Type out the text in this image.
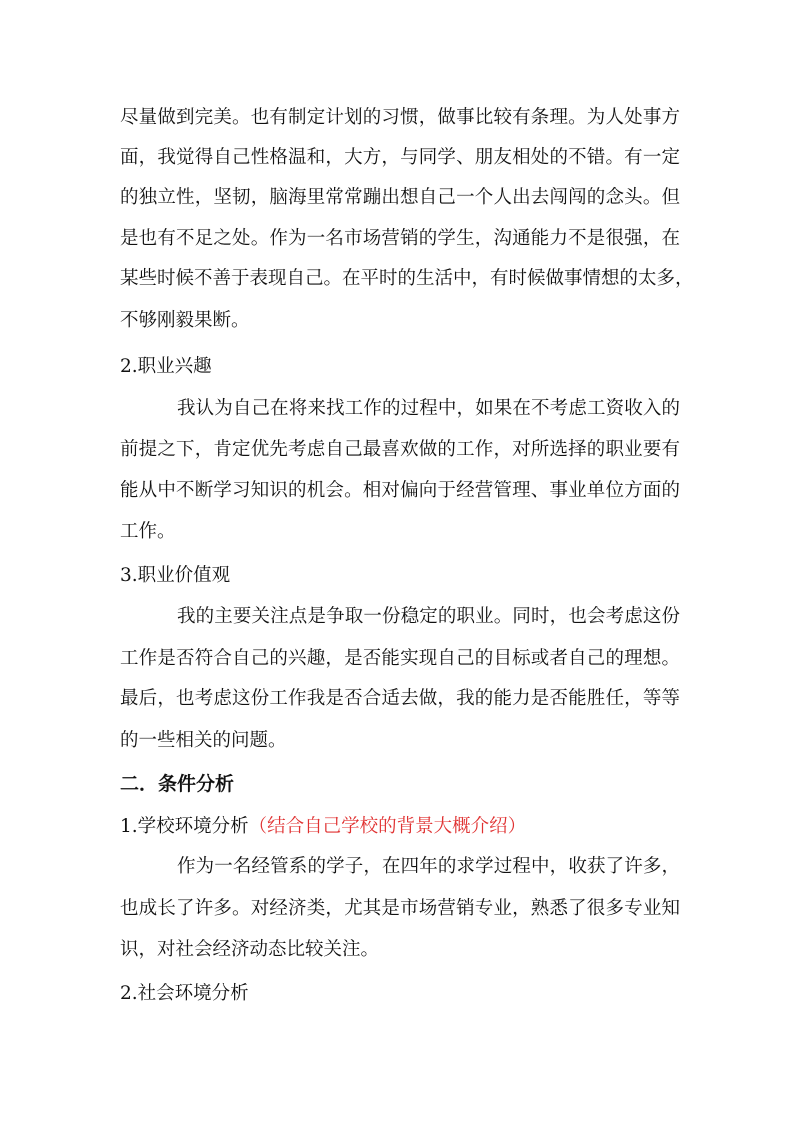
尽量做到完美。也有制定计划的习惯，做事比较有条理。为人处事方
面，我觉得自己性格温和，大方，与同学、朋友相处的不错。有一定
的独立性，坚韧，脑海里常常蹦出想自己一个人出去闯闯的念头。但
是也有不足之处。作为一名市场营销的学生，沟通能力不是很强，在
某些时候不善于表现自己。在平时的生活中，有时候做事情想的太多，
不够刚毅果断。
2.职业兴趣
我认为自己在将来找工作的过程中，如果在不考虑工资收入的
前提之下，肯定优先考虑自己最喜欢做的工作，对所选择的职业要有
能从中不断学习知识的机会。相对偏向于经营管理、事业单位方面的
工作。
3.职业价值观
我的主要关注点是争取一份稳定的职业。同时，也会考虑这份
工作是否符合自己的兴趣，是否能实现自己的目标或者自己的理想。
最后，也考虑这份工作我是否合适去做，我的能力是否能胜任，等等
的一些相关的问题。
二．条件分析
1.学校环境分析（结合自己学校的背景大概介绍）
作为一名经管系的学子，在四年的求学过程中，收获了许多，
也成长了许多。对经济类，尤其是市场营销专业，熟悉了很多专业知
识，对社会经济动态比较关注。
2.社会环境分析
